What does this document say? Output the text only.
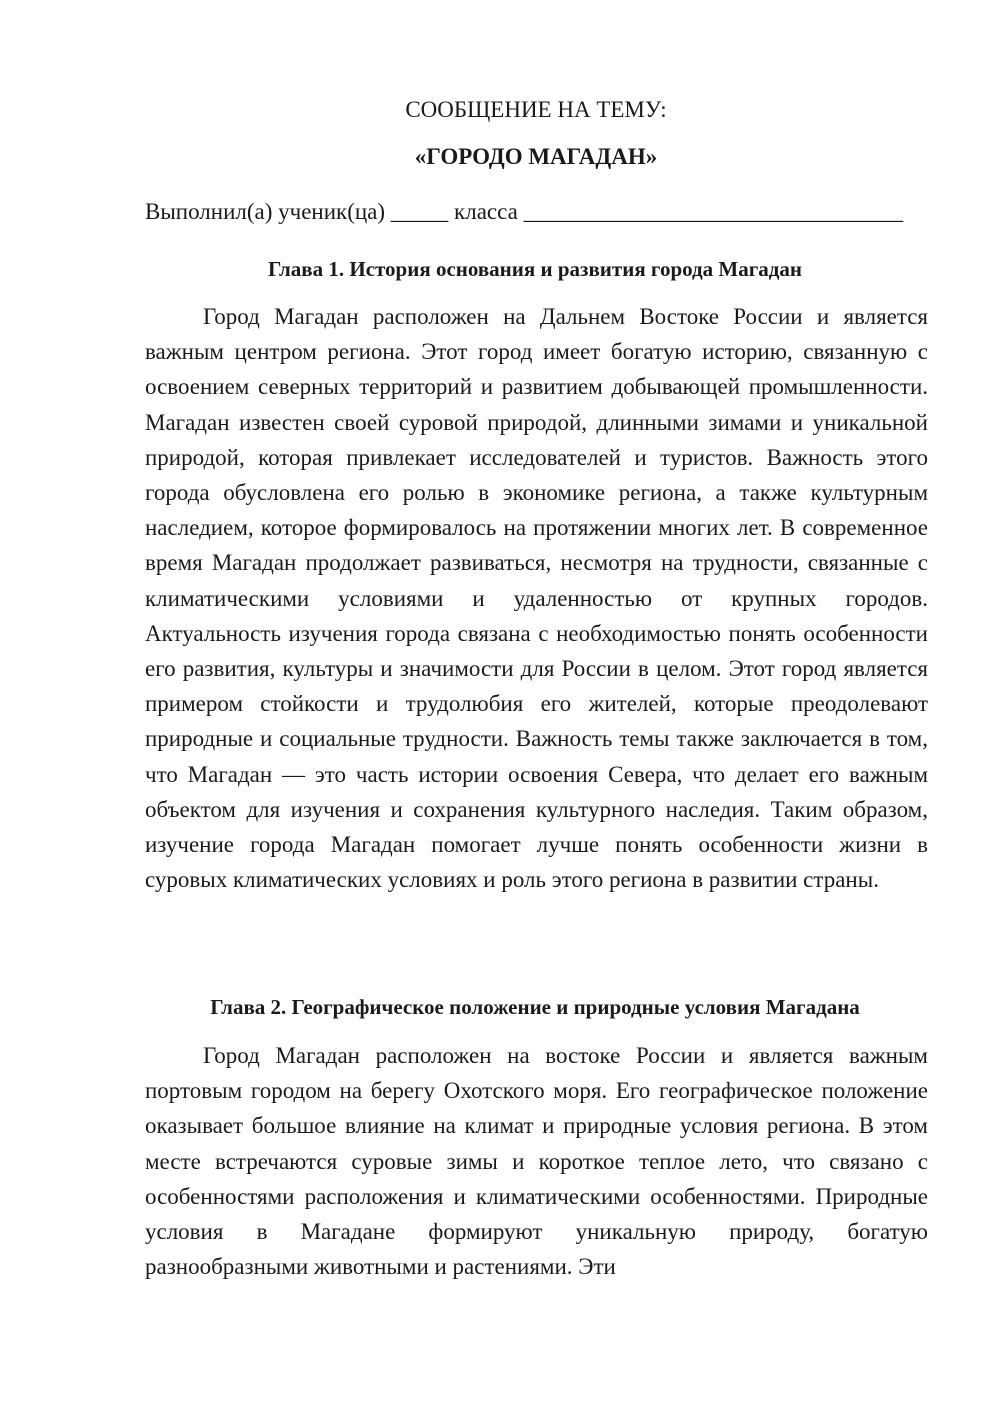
СООБЩЕНИЕ НА ТЕМУ:

«ГОРОДО МАГАДАН»

Выполнил(а) ученик(ца) _____ класса _________________________________
Глава 1. История основания и развития города Магадан

Город Магадан расположен на Дальнем Востоке России и является важным центром региона. Этот город имеет богатую историю, связанную с освоением северных территорий и развитием добывающей промышленности. Магадан известен своей суровой природой, длинными зимами и уникальной природой, которая привлекает исследователей и туристов. Важность этого города обусловлена его ролью в экономике региона, а также культурным наследием, которое формировалось на протяжении многих лет. В современное время Магадан продолжает развиваться, несмотря на трудности, связанные с климатическими условиями и удаленностью от крупных городов. Актуальность изучения города связана с необходимостью понять особенности его развития, культуры и значимости для России в целом. Этот город является примером стойкости и трудолюбия его жителей, которые преодолевают природные и социальные трудности. Важность темы также заключается в том, что Магадан — это часть истории освоения Севера, что делает его важным объектом для изучения и сохранения культурного наследия. Таким образом, изучение города Магадан помогает лучше понять особенности жизни в суровых климатических условиях и роль этого региона в развитии страны.

Глава 2. Географическое положение и природные условия Магадана

Город Магадан расположен на востоке России и является важным портовым городом на берегу Охотского моря. Его географическое положение оказывает большое влияние на климат и природные условия региона. В этом месте встречаются суровые зимы и короткое теплое лето, что связано с особенностями расположения и климатическими особенностями. Природные условия в Магадане формируют уникальную природу, богатую разнообразными животными и растениями. Эти
